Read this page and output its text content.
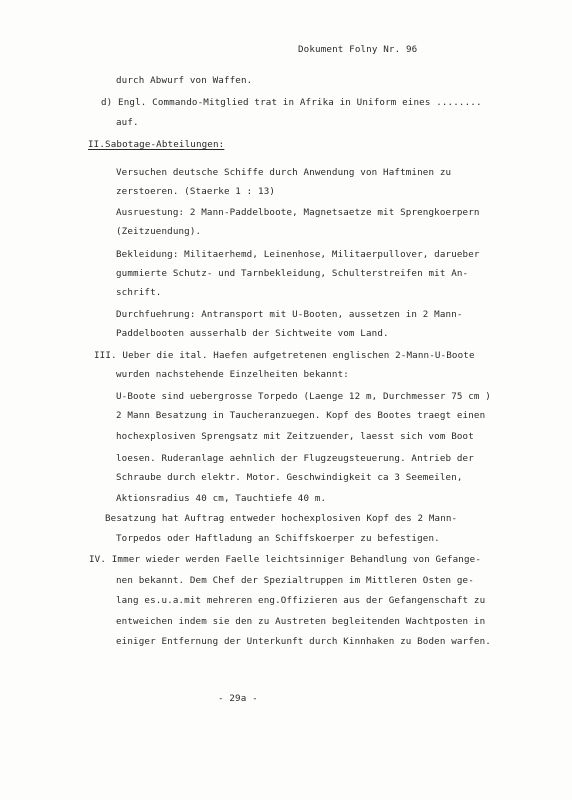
Dokument Folny Nr. 96
durch Abwurf von Waffen.
d) Engl. Commando-Mitglied trat in Afrika in Uniform eines ........
auf.
II.Sabotage-Abteilungen:
Versuchen deutsche Schiffe durch Anwendung von Haftminen zu
zerstoeren. (Staerke 1 : 13)
Ausruestung: 2 Mann-Paddelboote, Magnetsaetze mit Sprengkoerpern
(Zeitzuendung).
Bekleidung: Militaerhemd, Leinenhose, Militaerpullover, darueber
gummierte Schutz- und Tarnbekleidung, Schulterstreifen mit An-
schrift.
Durchfuehrung: Antransport mit U-Booten, aussetzen in 2 Mann-
Paddelbooten ausserhalb der Sichtweite vom Land.
III. Ueber die ital. Haefen aufgetretenen englischen 2-Mann-U-Boote
wurden nachstehende Einzelheiten bekannt:
U-Boote sind uebergrosse Torpedo (Laenge 12 m, Durchmesser 75 cm )
2 Mann Besatzung in Taucheranzuegen. Kopf des Bootes traegt einen
hochexplosiven Sprengsatz mit Zeitzuender, laesst sich vom Boot
loesen. Ruderanlage aehnlich der Flugzeugsteuerung. Antrieb der
Schraube durch elektr. Motor. Geschwindigkeit ca 3 Seemeilen,
Aktionsradius 40 cm, Tauchtiefe 40 m.
Besatzung hat Auftrag entweder hochexplosiven Kopf des 2 Mann-
Torpedos oder Haftladung an Schiffskoerper zu befestigen.
IV. Immer wieder werden Faelle leichtsinniger Behandlung von Gefange-
nen bekannt. Dem Chef der Spezialtruppen im Mittleren Osten ge-
lang es.u.a.mit mehreren eng.Offizieren aus der Gefangenschaft zu
entweichen indem sie den zu Austreten begleitenden Wachtposten in
einiger Entfernung der Unterkunft durch Kinnhaken zu Boden warfen.
- 29a -
